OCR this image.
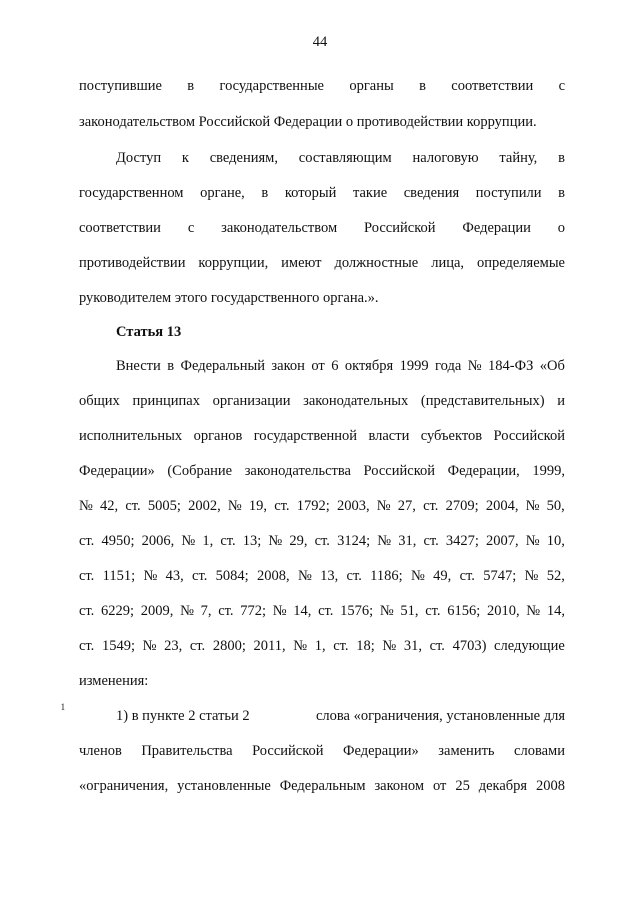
44
поступившие в государственные органы в соответствии с
законодательством Российской Федерации о противодействии коррупции.
Доступ к сведениям, составляющим налоговую тайну, в
государственном органе, в который такие сведения поступили в
соответствии с законодательством Российской Федерации о
противодействии коррупции, имеют должностные лица, определяемые
руководителем этого государственного органа.».
Статья 13
Внести в Федеральный закон от 6 октября 1999 года № 184-ФЗ «Об
общих принципах организации законодательных (представительных) и
исполнительных органов государственной власти субъектов Российской
Федерации» (Собрание законодательства Российской Федерации, 1999,
№ 42, ст. 5005; 2002, № 19, ст. 1792; 2003, № 27, ст. 2709; 2004, № 50,
ст. 4950; 2006, № 1, ст. 13; № 29, ст. 3124; № 31, ст. 3427; 2007, № 10,
ст. 1151; № 43, ст. 5084; 2008, № 13, ст. 1186; № 49, ст. 5747; № 52,
ст. 6229; 2009, № 7, ст. 772; № 14, ст. 1576; № 51, ст. 6156; 2010, № 14,
ст. 1549; № 23, ст. 2800; 2011, № 1, ст. 18; № 31, ст. 4703) следующие
изменения:
1) в пункте 2 статьи 2
1
слова «ограничения, установленные для
членов Правительства Российской Федерации» заменить словами
«ограничения, установленные Федеральным законом от 25 декабря 2008
